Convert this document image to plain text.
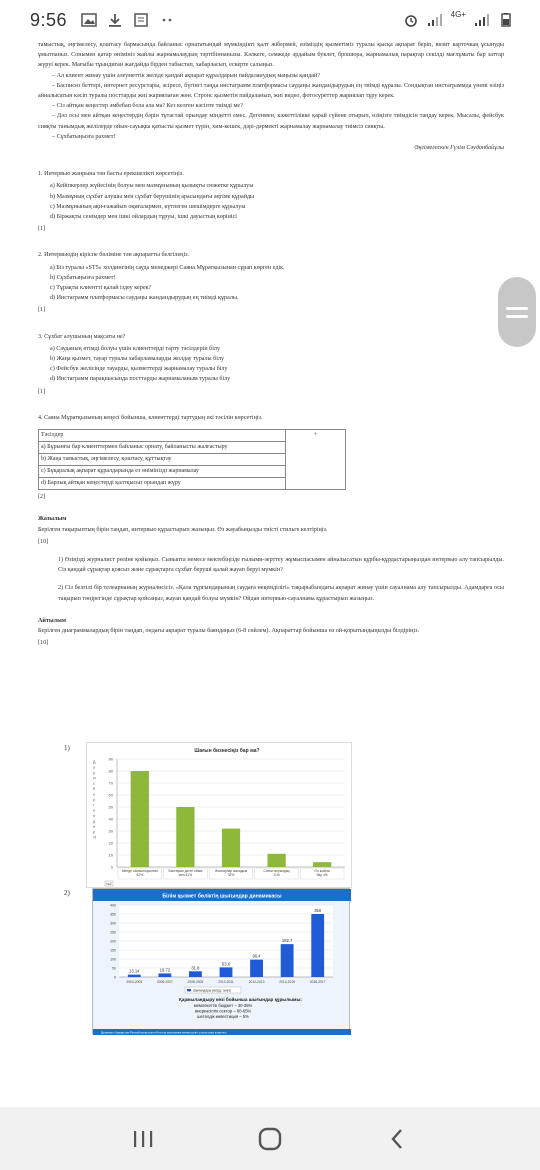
9:56	4G+

тамыстық, әңгімелесу, қоштасу бармасында байланыс орнататындай мүмкіндікті қалт жібермей, өзіміздің қызметіміз туралы қысқа ақпарат беріп, визит карточкаң ұсынуды ұмытпаныз. Сонымен қатар өнімініз жайлы жарнамалаудың тәртібіннанызы. Кәлкеге, семжеде әрдайым буклет, брошюра, жарнамалық парақтар секілді мағлұматы бар заттар жүруі керек. Мағыбы тұындиган жағдайда бірден табыстап, хабарласып, ескерте салыңыз.

– Ал клиент жинау үшін әлеуметтік желіде қандай ақпарат құралдарын пайдаланудың маңызы қандай?

– Басписөз беттері, интернет ресурстары, әсіресе, бүгінгі таңда инстаграмм платформасы саудаңы жандандырудың ең тиімді құралы. Сондықтан инстаграммда үнемі өзіңіз айналысатын кәсіп туралы посттарды жиі жариялаған жөн. Стронс қызметін пайдаланып, жиі видео, фотосуреттер жариялап тұру керек.

– Сіз айтқан кеңестер әмбебап бола ала ма? Кез келген кәсіпте тиімді ме?

– Дәл осы мен айтқан кеңестердің бәрін тұтастай орындау міндетті емес. Дегенмен, кәжеттілікке қарай сүйене отырып, өзіңізге тиімдісін таңдау керек. Мысалы, фейсбук сияқты танымдық желілерде ойын-сауықка қатысты қызмет түрін, хим-кешек, дәрі-дәрмекті жарнамалау жарнамалау тиімсіз сияқты.

– Сұхбатыңызға рахмет!

Әңгімелескен Гүлім Сәуданбайұлы

1. Интервью жанрына тән басты ерекшелікті көрсетіңіз.

a) Кейіпкерлер жүйесінің болуы мен мазмұнының қызықты сюжетке құрылуы

b) Мазмұның сұхбат алушы мен сұхбат берушінің арасындағы әңгіме құрайды

c) Мазмұнының ақи-ғажайып оқиғалармен, күтпеген шешімдерге құрылуы

d) Біржақты сенімдер мен ішкі ойлардың тұруы, ішкі дауыстың көрінісі

[1]

2. Интервьюдің кіріспе бөлімінe тән ақпаратты белгілеңіз.

a) Біз туралы «ST5» холдингінің сауда менеджері Саяна Мұратқызынан сұрап көрген едік.

b) Сұхбатыңызға рахмет!

c) Тұрақты клиентті қалай іздеу керек?

d) Инстаграмм платформасы саудаңы жандандырудың ең тиімді құралы.

[1]

3. Сұхбат алушының мақсаты не?

a) Сауданың өтімді болуы үшін клиенттерді тарту тәсілдерін білу

b) Жаңа қызмет, тауар туралы хабарламаларды жолдау туралы білу

c) Фейсбук желісінде тауарды, қызметтерді жарнамалау туралы білу

d) Инстаграмм парақшасында посттарды жарнамаланым туралы білу

[1]

4. Саяна Мұратқызының кеңесі бойынша, клиенттерді тартудың екі тәсілін көрсетіңіз.

Тәсілдер	+
a) Бұрынғы бар клиенттермен байланыс орнату, байланысты жалғастыру
b) Жаңа тамыстық, әңгімелесу, қоштасу, құттықтау
c) Бұқаралық ақпарат құралдарында ез өнімінізді жарнамалау
d) Барлық айтқан кеңестерді қалтқысыз орындап жүру

[2]

Жазылым

Берілген тақырыптың бірін таңдап, интервью құрастырып жазыңыз. Өз жауабыңызды тиісті стильге келтіріңіз.

[10]

1) Өзіңізді журналист рөліне қойыңыз. Сыныпта немесе мектебіңізде ғылыми-зерттеу жұмыспасымен айналысатын құрбы-құрдастарыңыздан интервью алу тапсырылды. Сіз қандай сұрақтар қоясыз және сұрақтарға сұхбат беруші қалай жауап беруі мүмкін?

2) Сіз белгілі бір телеарнаның журналисісіз. «Қала тұрғындарының саудаға неқемділігі» тақырыбындағы ақпарат жинау үшін сауалнама алу тапсырылды. Адамдарға осы тақырып төңірегінде сұрақтар қойсаңыз, жауап қандай болуы мүмкін? Ойдан интервью-сауалнама құрастырып жазыңыз.

Айтылым

Берілген диаграммалардың бірін таңдап, ондағы ақпарат туралы баяндаңыз (6-8 сөйлем). Ақпараттар бойынша өз ой-қорытындыңызды білдіріңіз.

[10]

1)
2)
Шағын бизнесіңіз бар ма?
0
10
20
30
40
50
60
70
80
90
Д а у ы с б е р г е н д е р %
Менде ойлаштырылған 62%
Бастауым деген ойым мен 51%
Жоспарлар жасадым 32%
Сатып алуындық 11%
Ол жайлы бар 4%
№2
Білім қызмет бөліктің шығындар динамикасы
Дереккөз: Қазақстан Республикасының Ұлттық экономика министрлігі статистика комитеті
0
50
100
150
200
250
300
350
400
13.14
2004-2005
19.72
2006-2007
31.8
2008-2009
53.6
2010-2011
96.4
2012-2013
182.7
2014-2015
350
2016-2017
Шығындары (млрд. теңге)
Қаржыландыру көзі бойынша шығындар құрылымы:
мемлекеттік бюджет – 30-35%
өнеркәсіптік сектор – 60-65%
шетелдік инвестиция – 5%
